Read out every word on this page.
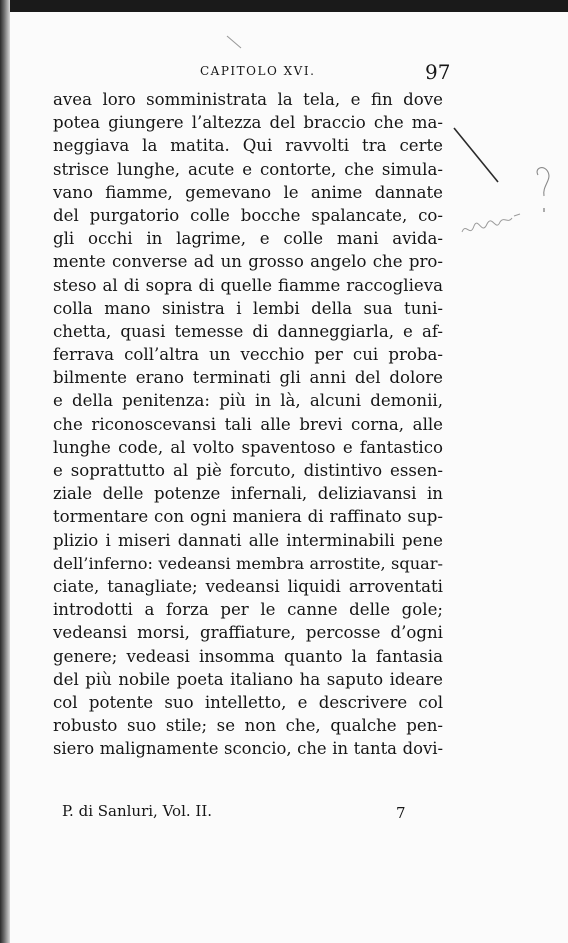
CAPITOLO XVI.	97
avea loro somministrata la tela, e fin dove
potea giungere l’altezza del braccio che ma-
neggiava la matita. Qui ravvolti tra certe
strisce lunghe, acute e contorte, che simula-
vano fiamme, gemevano le anime dannate
del purgatorio colle bocche spalancate, co-
gli occhi in lagrime, e colle mani avida-
mente converse ad un grosso angelo che pro-
steso al di sopra di quelle fiamme raccoglieva
colla mano sinistra i lembi della sua tuni-
chetta, quasi temesse di danneggiarla, e af-
ferrava coll’altra un vecchio per cui proba-
bilmente erano terminati gli anni del dolore
e della penitenza: più in là, alcuni demonii,
che riconoscevansi tali alle brevi corna, alle
lunghe code, al volto spaventoso e fantastico
e soprattutto al piè forcuto, distintivo essen-
ziale delle potenze infernali, deliziavansi in
tormentare con ogni maniera di raffinato sup-
plizio i miseri dannati alle interminabili pene
dell’inferno: vedeansi membra arrostite, squar-
ciate, tanagliate; vedeansi liquidi arroventati
introdotti a forza per le canne delle gole;
vedeansi morsi, graffiature, percosse d’ogni
genere; vedeasi insomma quanto la fantasia
del più nobile poeta italiano ha saputo ideare
col potente suo intelletto, e descrivere col
robusto suo stile; se non che, qualche pen-
siero malignamente sconcio, che in tanta dovi-
P. di Sanluri, Vol. II.	7
